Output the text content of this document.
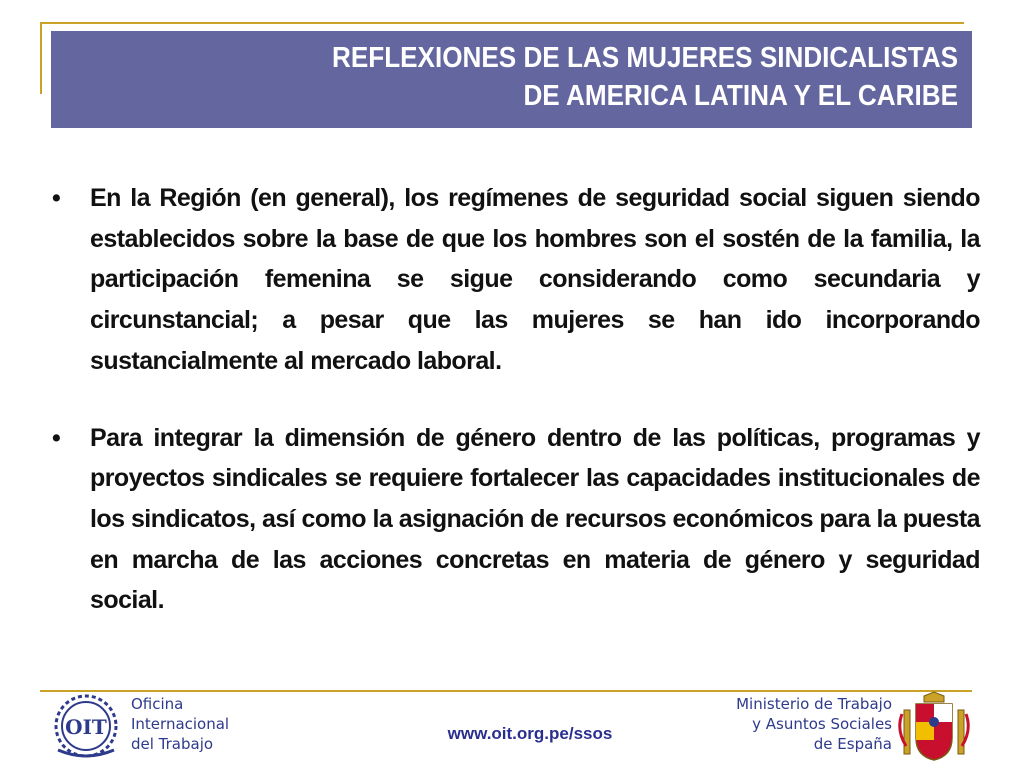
REFLEXIONES DE LAS MUJERES SINDICALISTAS
DE AMERICA LATINA Y EL CARIBE
• En la Región (en general), los regímenes de seguridad social siguen siendo establecidos sobre la base de que los hombres son el sostén de la familia, la participación femenina se sigue considerando como secundaria y circunstancial; a pesar que las mujeres se han ido incorporando sustancialmente al mercado laboral.
• Para integrar la dimensión de género dentro de las políticas, programas y proyectos sindicales se requiere fortalecer las capacidades institucionales de los sindicatos, así como la asignación de recursos económicos para la puesta en marcha de las acciones concretas en materia de género y seguridad social.
OIT
Oficina
Internacional
del Trabajo
www.oit.org.pe/ssos
Ministerio de Trabajo
y Asuntos Sociales
de España
